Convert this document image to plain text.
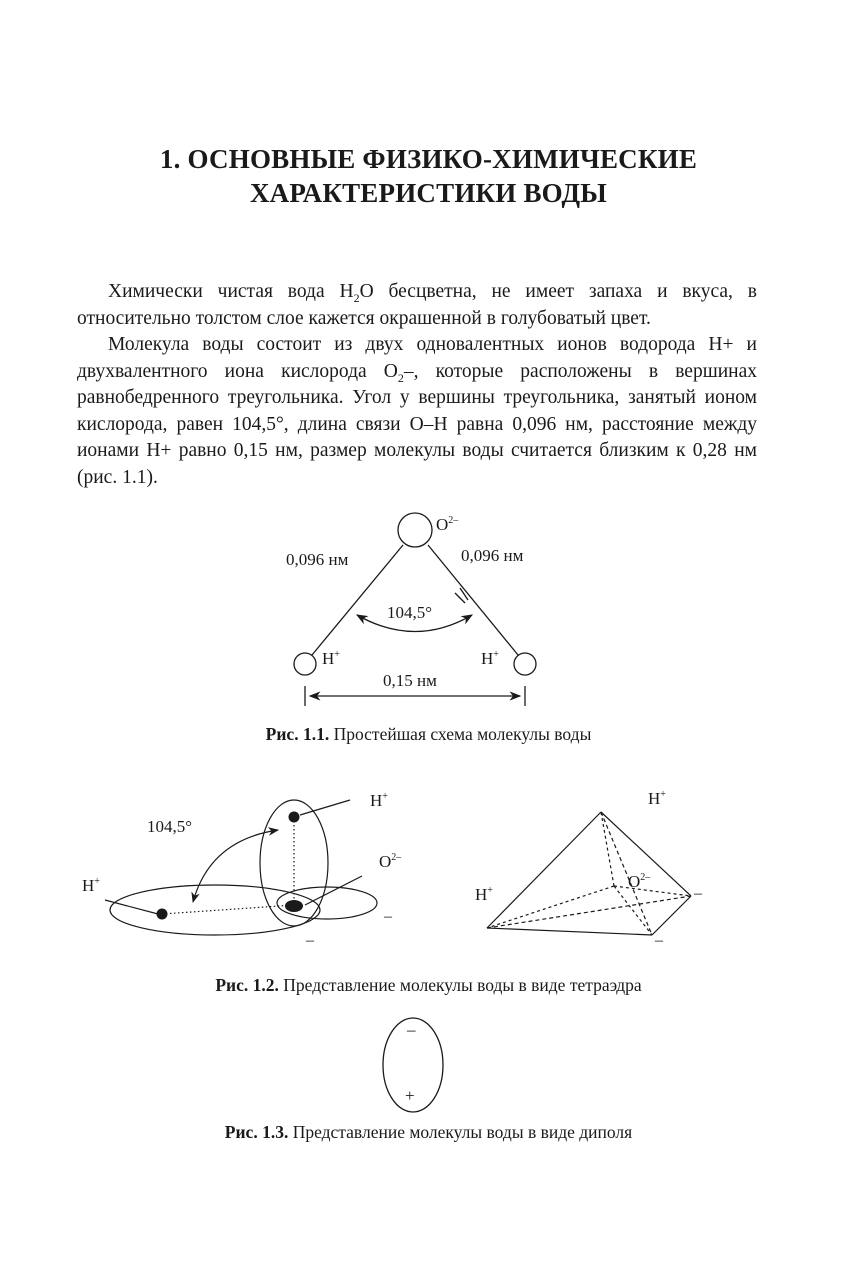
1. ОСНОВНЫЕ ФИЗИКО-ХИМИЧЕСКИЕ
ХАРАКТЕРИСТИКИ ВОДЫ

Химически чистая вода $H_2O$ бесцветна, не имеет запаха и вкуса, в относительно толстом слое кажется окрашенной в голубоватый цвет.

Молекула воды состоит из двух одновалентных ионов водорода H+ и двухвалентного иона кислорода $O_2-$, которые расположены в вершинах равнобедренного треугольника. Угол у вершины треугольника, занятый ионом кислорода, равен 104,5°, длина связи O–H равна 0,096 нм, расстояние между ионами H+ равно 0,15 нм, размер молекулы воды считается близким к 0,28 нм (рис. 1.1).

$O^{2-}$
0,096 нм	0,096 нм
104,5°
H+	H+
0,15 нм
Рис. 1.1. Простейшая схема молекулы воды
104,5°
H+
H+
$O^{2-}$
–
–
H+
H+	$O^{2-}$
–
–
Рис. 1.2. Представление молекулы воды в виде тетраэдра
–
+
Рис. 1.3. Представление молекулы воды в виде диполя
